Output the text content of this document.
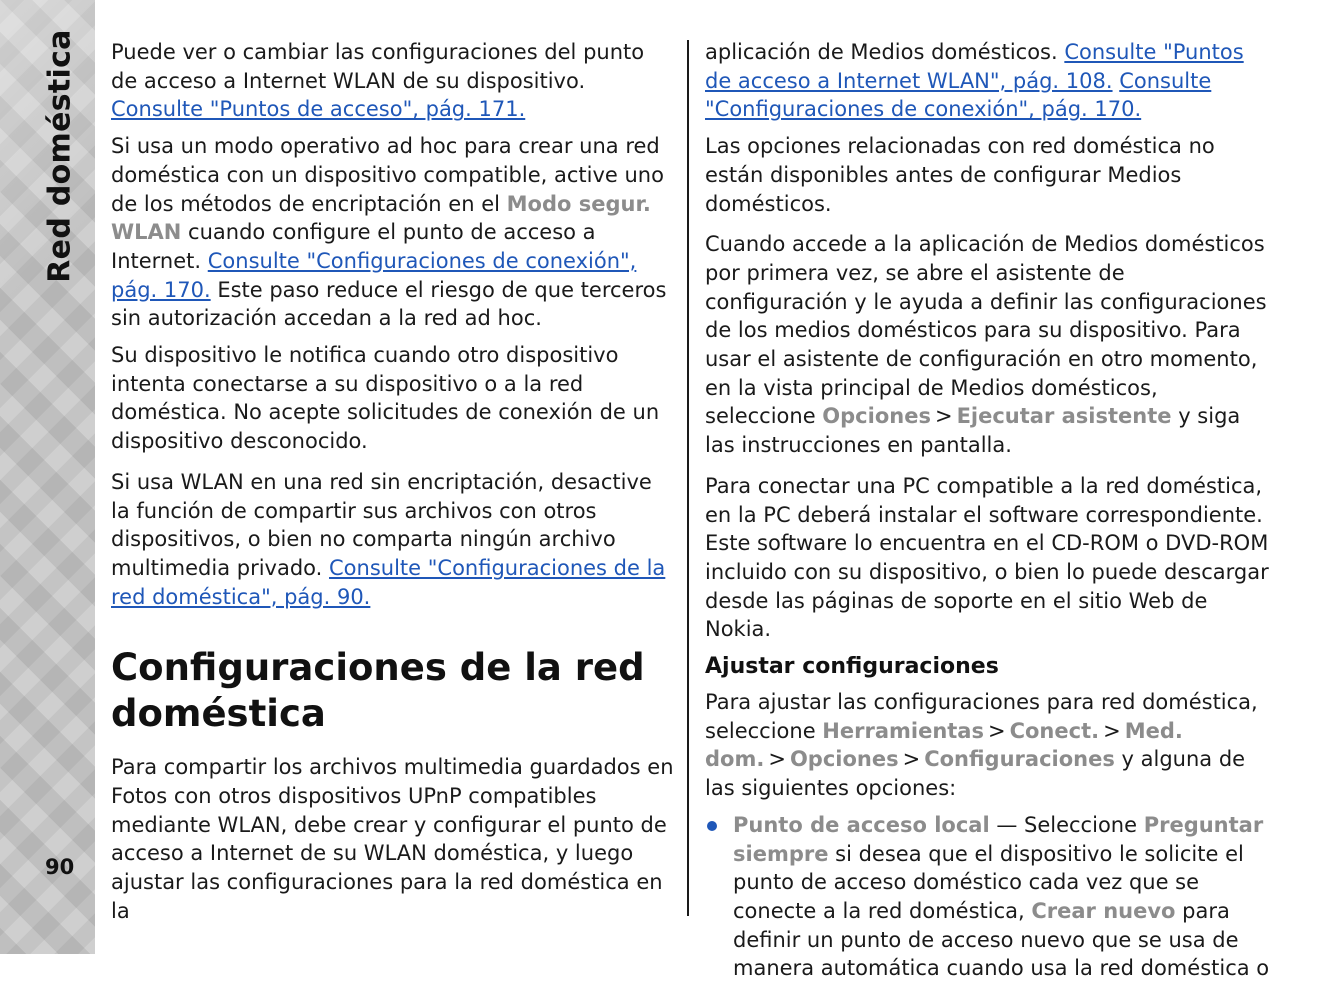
Red doméstica
90

Puede ver o cambiar las configuraciones del punto de acceso a Internet WLAN de su dispositivo. Consulte "Puntos de acceso", pág. 171.

Si usa un modo operativo ad hoc para crear una red doméstica con un dispositivo compatible, active uno de los métodos de encriptación en el Modo segur. WLAN cuando configure el punto de acceso a Internet. Consulte "Configuraciones de conexión", pág. 170. Este paso reduce el riesgo de que terceros sin autorización accedan a la red ad hoc.

Su dispositivo le notifica cuando otro dispositivo intenta conectarse a su dispositivo o a la red doméstica. No acepte solicitudes de conexión de un dispositivo desconocido.

Si usa WLAN en una red sin encriptación, desactive la función de compartir sus archivos con otros dispositivos, o bien no comparta ningún archivo multimedia privado. Consulte "Configuraciones de la red doméstica", pág. 90.

Configuraciones de la red doméstica

Para compartir los archivos multimedia guardados en Fotos con otros dispositivos UPnP compatibles mediante WLAN, debe crear y configurar el punto de acceso a Internet de su WLAN doméstica, y luego ajustar las configuraciones para la red doméstica en la

aplicación de Medios domésticos. Consulte "Puntos de acceso a Internet WLAN", pág. 108. Consulte "Configuraciones de conexión", pág. 170.

Las opciones relacionadas con red doméstica no están disponibles antes de configurar Medios domésticos.

Cuando accede a la aplicación de Medios domésticos por primera vez, se abre el asistente de configuración y le ayuda a definir las configuraciones de los medios domésticos para su dispositivo. Para usar el asistente de configuración en otro momento, en la vista principal de Medios domésticos, seleccione Opciones > Ejecutar asistente y siga las instrucciones en pantalla.

Para conectar una PC compatible a la red doméstica, en la PC deberá instalar el software correspondiente. Este software lo encuentra en el CD-ROM o DVD-ROM incluido con su dispositivo, o bien lo puede descargar desde las páginas de soporte en el sitio Web de Nokia.

Ajustar configuraciones

Para ajustar las configuraciones para red doméstica, seleccione Herramientas > Conect. > Med. dom. > Opciones > Configuraciones y alguna de las siguientes opciones:

Punto de acceso local — Seleccione Preguntar siempre si desea que el dispositivo le solicite el punto de acceso doméstico cada vez que se conecte a la red doméstica, Crear nuevo para definir un punto de acceso nuevo que se usa de manera automática cuando usa la red doméstica o
